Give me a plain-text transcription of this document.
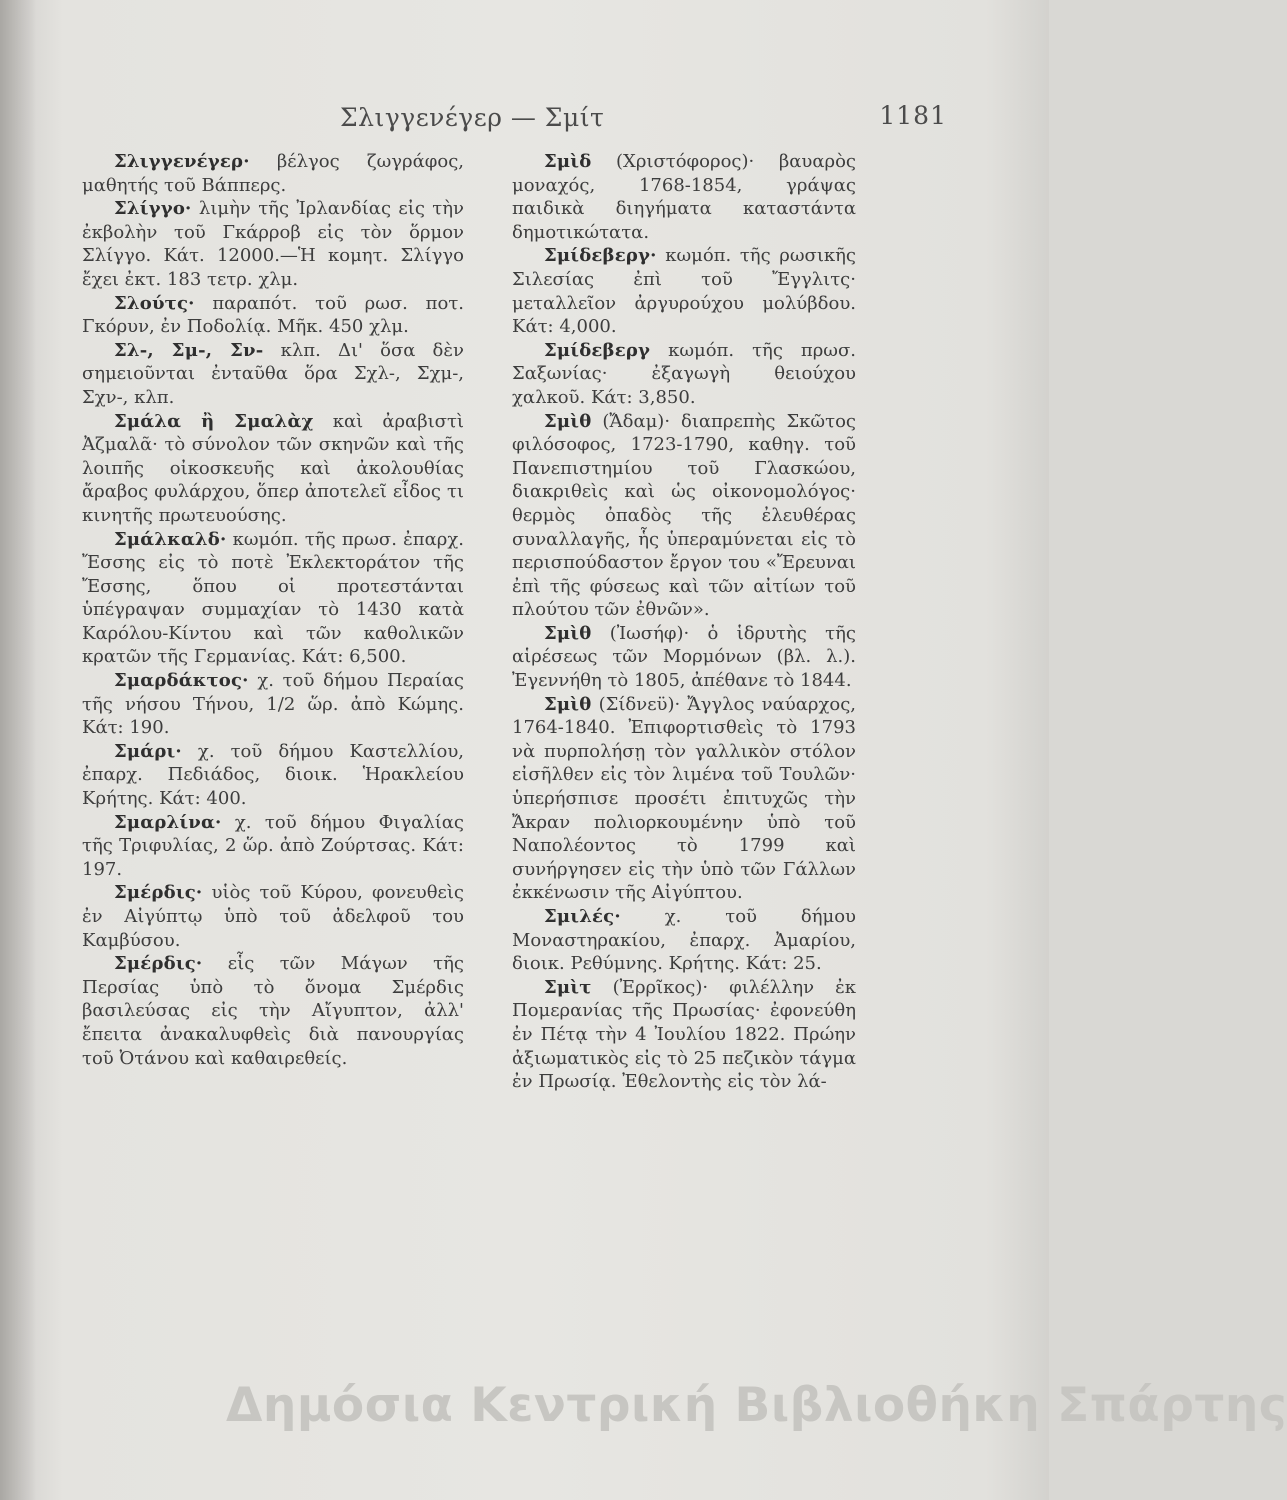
Σλιγγενέγερ — Σμίτ	1181

Σλιγγενέγερ· βέλγος ζωγράφος, μαθητής τοῦ Βάππερς.

Σλίγγο· λιμὴν τῆς Ἰρλανδίας εἰς τὴν ἐκβολὴν τοῦ Γκάρροβ εἰς τὸν ὅρμον Σλίγγο. Κάτ. 12000.—Ἡ κομητ. Σλίγγο ἔχει ἐκτ. 183 τετρ. χλμ.

Σλούτς· παραπότ. τοῦ ρωσ. ποτ. Γκόρυν, ἐν Ποδολίᾳ. Μῆκ. 450 χλμ.

Σλ-, Σμ-, Σν- κλπ. Δι' ὅσα δὲν σημειοῦνται ἐνταῦθα ὅρα Σχλ-, Σχμ-, Σχν-, κλπ.

Σμάλα ἢ Σμαλὰχ καὶ ἀραβιστὶ Ἀζμαλᾶ· τὸ σύνολον τῶν σκηνῶν καὶ τῆς λοιπῆς οἰκοσκευῆς καὶ ἀκολουθίας ἄραβος φυλάρχου, ὅπερ ἀποτελεῖ εἶδος τι κινητῆς πρωτευούσης.

Σμάλκαλδ· κωμόπ. τῆς πρωσ. ἐπαρχ. Ἔσσης εἰς τὸ ποτὲ Ἐκλεκτοράτον τῆς Ἔσσης, ὅπου οἱ προτεστάνται ὑπέγραψαν συμμαχίαν τὸ 1430 κατὰ Καρόλου-Κίντου καὶ τῶν καθολικῶν κρατῶν τῆς Γερμανίας. Κάτ: 6,500.

Σμαρδάκτος· χ. τοῦ δήμου Περαίας τῆς νήσου Τήνου, 1/2 ὥρ. ἀπὸ Κώμης. Κάτ: 190.

Σμάρι· χ. τοῦ δήμου Καστελλίου, ἐπαρχ. Πεδιάδος, διοικ. Ἡρακλείου Κρήτης. Κάτ: 400.

Σμαρλίνα· χ. τοῦ δήμου Φιγαλίας τῆς Τριφυλίας, 2 ὥρ. ἀπὸ Ζούρτσας. Κάτ: 197.

Σμέρδις· υἱὸς τοῦ Κύρου, φονευθεὶς ἐν Αἰγύπτῳ ὑπὸ τοῦ ἀδελφοῦ του Καμβύσου.

Σμέρδις· εἷς τῶν Μάγων τῆς Περσίας ὑπὸ τὸ ὄνομα Σμέρδις βασιλεύσας εἰς τὴν Αἴγυπτον, ἀλλ' ἔπειτα ἀνακαλυφθεὶς διὰ πανουργίας τοῦ Ὀτάνου καὶ καθαιρεθείς.

Σμὶδ (Χριστόφορος)· βαυαρὸς μοναχός, 1768-1854, γράψας παιδικὰ διηγήματα καταστάντα δημοτικώτατα.

Σμίδεβεργ· κωμόπ. τῆς ρωσικῆς Σιλεσίας ἐπὶ τοῦ Ἔγγλιτς· μεταλλεῖον ἀργυρούχου μολύβδου. Κάτ: 4,000.

Σμίδεβεργ κωμόπ. τῆς πρωσ. Σαξωνίας· ἐξαγωγὴ θειούχου χαλκοῦ. Κάτ: 3,850.

Σμὶθ (Ἄδαμ)· διαπρεπὴς Σκῶτος φιλόσοφος, 1723-1790, καθηγ. τοῦ Πανεπιστημίου τοῦ Γλασκώου, διακριθεὶς καὶ ὡς οἰκονομολόγος· θερμὸς ὀπαδὸς τῆς ἐλευθέρας συναλλαγῆς, ἧς ὑπεραμύνεται εἰς τὸ περισπούδαστον ἔργον του «Ἔρευναι ἐπὶ τῆς φύσεως καὶ τῶν αἰτίων τοῦ πλούτου τῶν ἐθνῶν».

Σμὶθ (Ἰωσήφ)· ὁ ἱδρυτὴς τῆς αἱρέσεως τῶν Μορμόνων (βλ. λ.). Ἐγεννήθη τὸ 1805, ἀπέθανε τὸ 1844.

Σμὶθ (Σίδνεϋ)· Ἄγγλος ναύαρχος, 1764-1840. Ἐπιφορτισθεὶς τὸ 1793 νὰ πυρπολήσῃ τὸν γαλλικὸν στόλον εἰσῆλθεν εἰς τὸν λιμένα τοῦ Τουλῶν· ὑπερήσπισε προσέτι ἐπιτυχῶς τὴν Ἄκραν πολιορκουμένην ὑπὸ τοῦ Ναπολέοντος τὸ 1799 καὶ συνήργησεν εἰς τὴν ὑπὸ τῶν Γάλλων ἐκκένωσιν τῆς Αἰγύπτου.

Σμιλές· χ. τοῦ δήμου Μοναστηρακίου, ἐπαρχ. Ἀμαρίου, διοικ. Ρεθύμνης. Κρήτης. Κάτ: 25.

Σμὶτ (Ἐρρῖκος)· φιλέλλην ἐκ Πομερανίας τῆς Πρωσίας· ἐφονεύθη ἐν Πέτᾳ τὴν 4 Ἰουλίου 1822. Πρώην ἀξιωματικὸς εἰς τὸ 25 πεζικὸν τάγμα ἐν Πρωσίᾳ. Ἐθελοντὴς εἰς τὸν λά-

Δημόσια Κεντρική Βιβλιοθήκη Σπάρτης
